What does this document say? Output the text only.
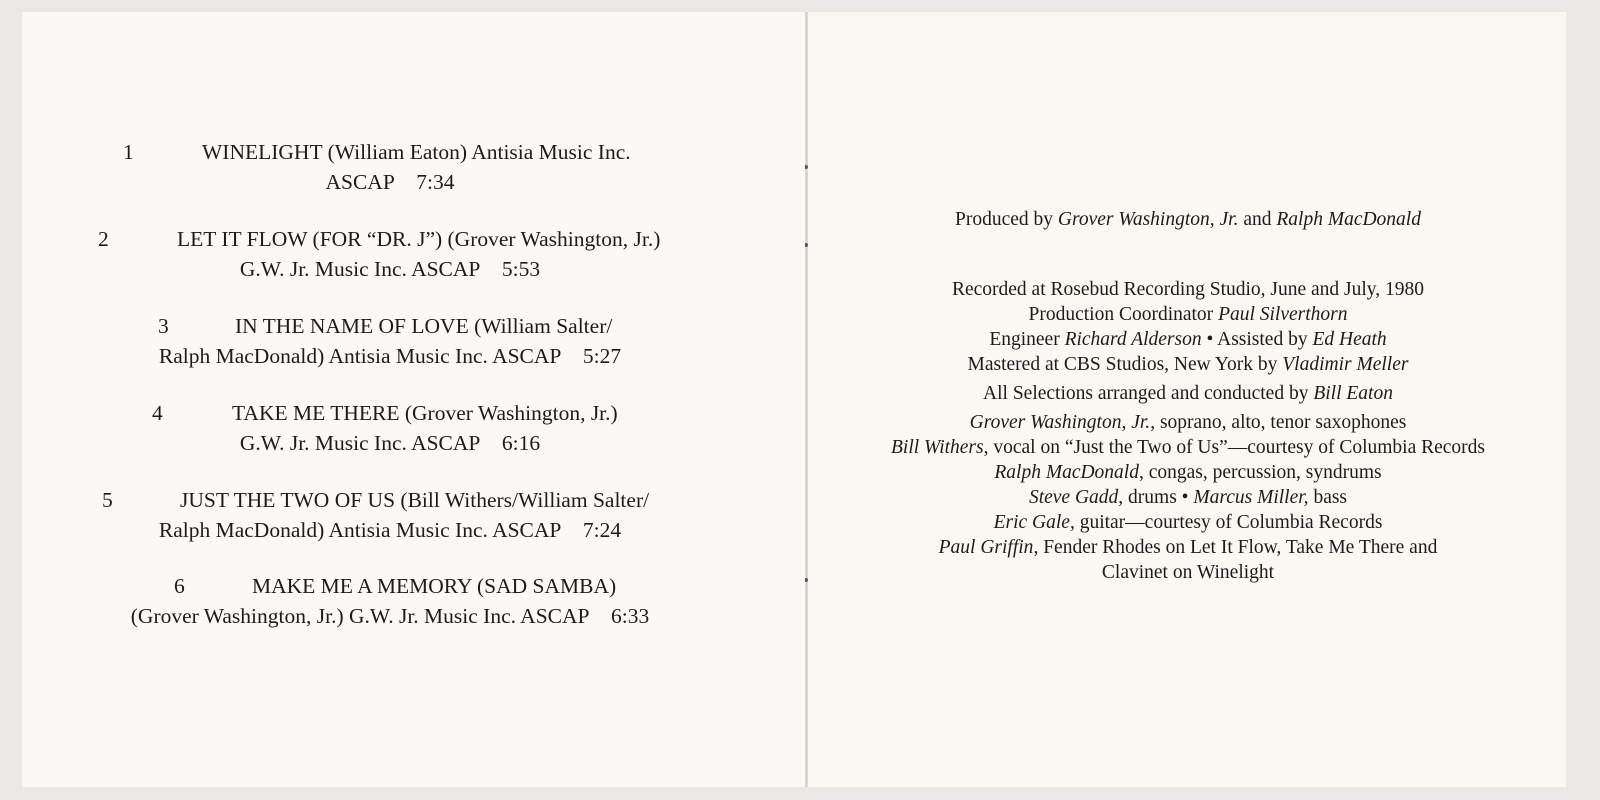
1	WINELIGHT (William Eaton) Antisia Music Inc.
ASCAP 7:34
2	LET IT FLOW (FOR “DR. J”) (Grover Washington, Jr.)
G.W. Jr. Music Inc. ASCAP 5:53
3	IN THE NAME OF LOVE (William Salter/
Ralph MacDonald) Antisia Music Inc. ASCAP 5:27
4	TAKE ME THERE (Grover Washington, Jr.)
G.W. Jr. Music Inc. ASCAP 6:16
5	JUST THE TWO OF US (Bill Withers/William Salter/
Ralph MacDonald) Antisia Music Inc. ASCAP 7:24
6	MAKE ME A MEMORY (SAD SAMBA)
(Grover Washington, Jr.) G.W. Jr. Music Inc. ASCAP 6:33

Produced by Grover Washington, Jr. and Ralph MacDonald
Recorded at Rosebud Recording Studio, June and July, 1980
Production Coordinator Paul Silverthorn
Engineer Richard Alderson • Assisted by Ed Heath
Mastered at CBS Studios, New York by Vladimir Meller
All Selections arranged and conducted by Bill Eaton
Grover Washington, Jr., soprano, alto, tenor saxophones
Bill Withers, vocal on “Just the Two of Us”—courtesy of Columbia Records
Ralph MacDonald, congas, percussion, syndrums
Steve Gadd, drums • Marcus Miller, bass
Eric Gale, guitar—courtesy of Columbia Records
Paul Griffin, Fender Rhodes on Let It Flow, Take Me There and
Clavinet on Winelight
